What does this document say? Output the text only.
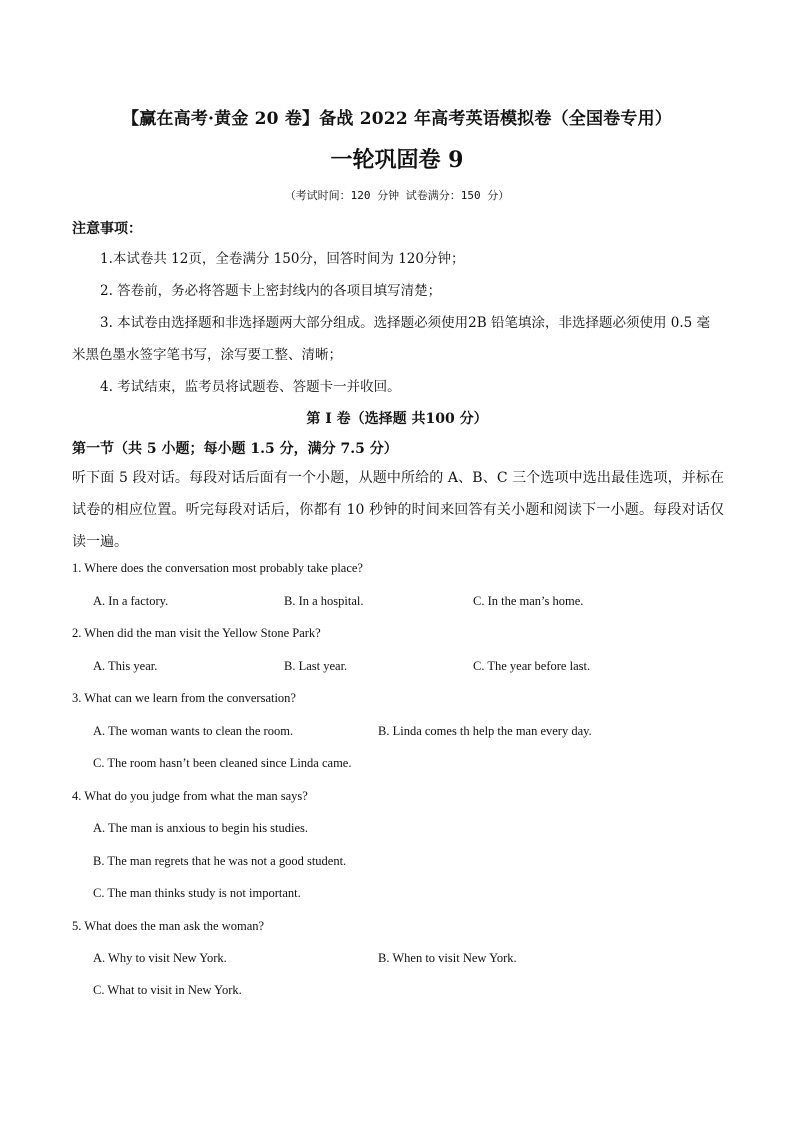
【赢在高考·黄金 20 卷】备战 2022 年高考英语模拟卷（全国卷专用）
一轮巩固卷 9
（考试时间：120 分钟 试卷满分：150 分）
注意事项：
1.本试卷共 12页，全卷满分 150分，回答时间为 120分钟；
2. 答卷前，务必将答题卡上密封线内的各项目填写清楚；
3. 本试卷由选择题和非选择题两大部分组成。选择题必须使用2B 铅笔填涂，非选择题必须使用 0.5 毫米黑色墨水签字笔书写，涂写要工整、清晰；
4. 考试结束，监考员将试题卷、答题卡一并收回。
第 I 卷（选择题 共100 分）
第一节（共 5 小题；每小题 1.5 分，满分 7.5 分）
听下面 5 段对话。每段对话后面有一个小题，从题中所给的 A、B、C 三个选项中选出最佳选项，并标在试卷的相应位置。听完每段对话后，你都有 10 秒钟的时间来回答有关小题和阅读下一小题。每段对话仅读一遍。
1. Where does the conversation most probably take place?
A. In a factory.	B. In a hospital.	C. In the man’s home.
2. When did the man visit the Yellow Stone Park?
A. This year.	B. Last year.	C. The year before last.
3. What can we learn from the conversation?
A. The woman wants to clean the room.	B. Linda comes th help the man every day.
C. The room hasn’t been cleaned since Linda came.
4. What do you judge from what the man says?
A. The man is anxious to begin his studies.
B. The man regrets that he was not a good student.
C. The man thinks study is not important.
5. What does the man ask the woman?
A. Why to visit New York.	B. When to visit New York.
C. What to visit in New York.
